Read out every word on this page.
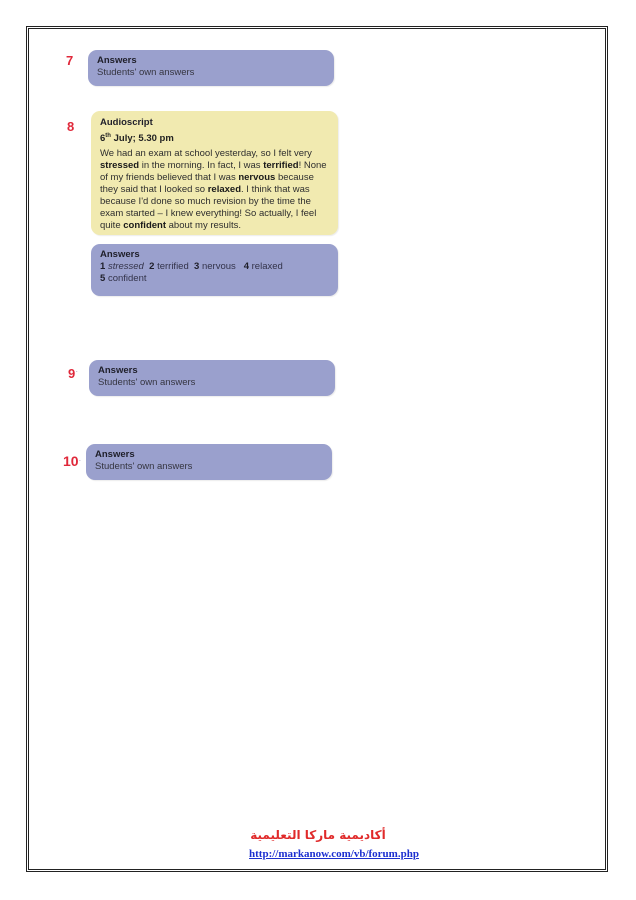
7	Answers
Students' own answers
8	Audioscript
6th July; 5.30 pm
We had an exam at school yesterday, so I felt very stressed in the morning. In fact, I was terrified! None of my friends believed that I was nervous because they said that I looked so relaxed. I think that was because I'd done so much revision by the time the exam started – I knew everything! So actually, I feel quite confident about my results.
Answers
1 stressed 2 terrified 3 nervous 4 relaxed
5 confident
9· Answers
Students' own answers
10. Answers
Students' own answers
أكاديمية ماركا التعليمية
http://markanow.com/vb/forum.php
